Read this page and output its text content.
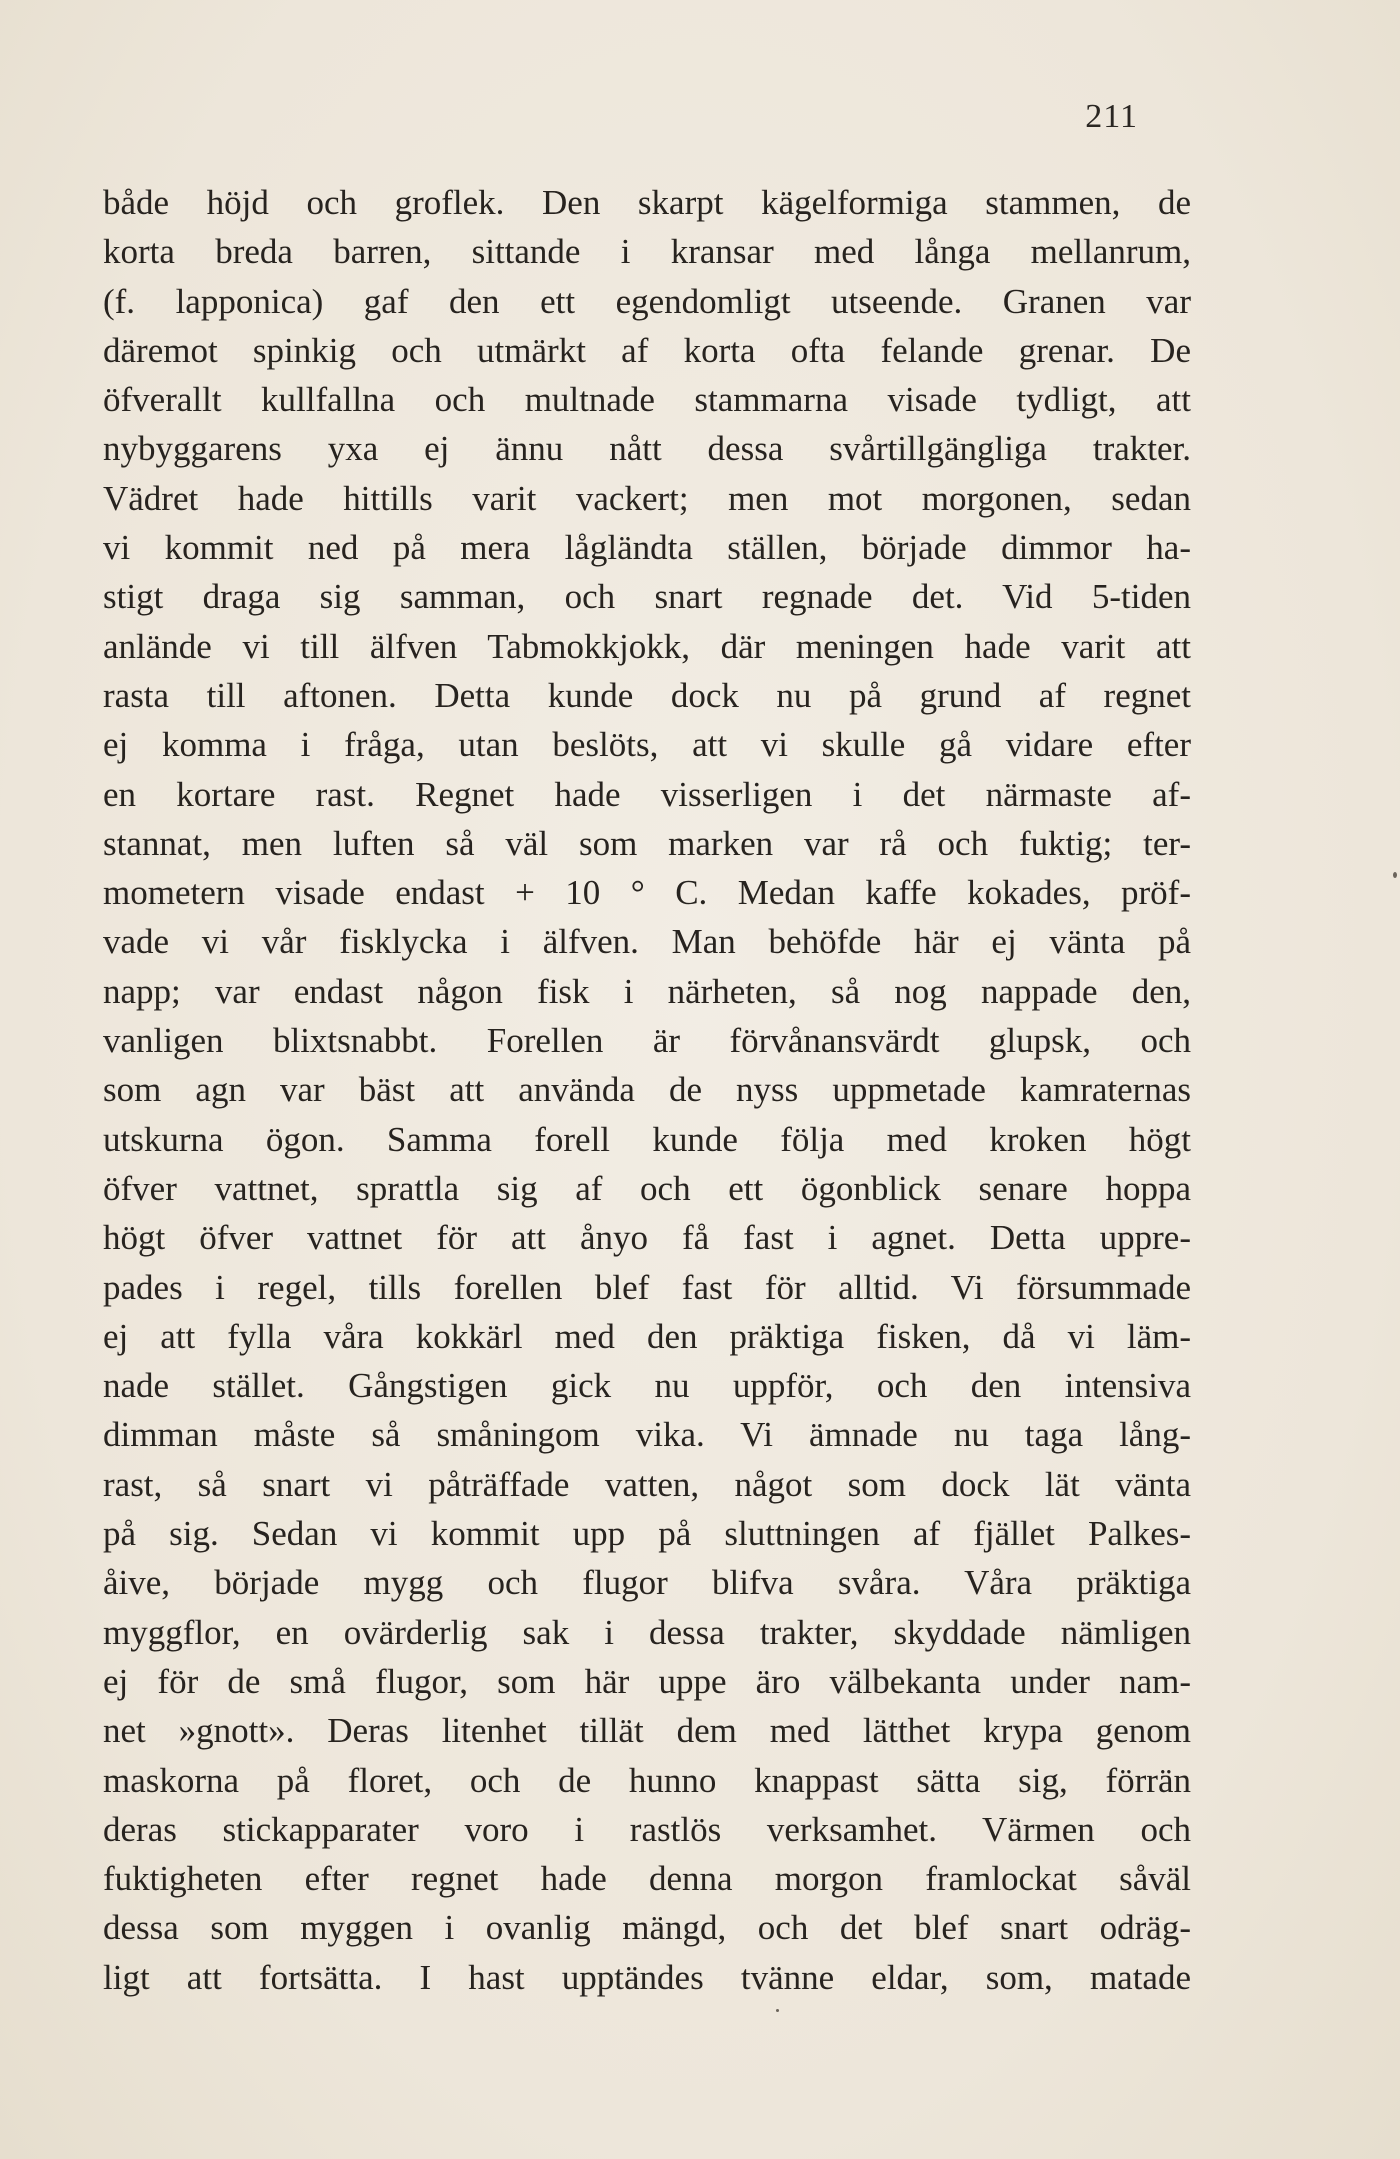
211
både höjd och groflek. Den skarpt kägelformiga stammen, de
korta breda barren, sittande i kransar med långa mellanrum,
(f. lapponica) gaf den ett egendomligt utseende. Granen var
däremot spinkig och utmärkt af korta ofta felande grenar. De
öfverallt kullfallna och multnade stammarna visade tydligt, att
nybyggarens yxa ej ännu nått dessa svårtillgängliga trakter.
Vädret hade hittills varit vackert; men mot morgonen, sedan
vi kommit ned på mera lågländta ställen, började dimmor ha-
stigt draga sig samman, och snart regnade det. Vid 5-tiden
anlände vi till älfven Tabmokkjokk, där meningen hade varit att
rasta till aftonen. Detta kunde dock nu på grund af regnet
ej komma i fråga, utan beslöts, att vi skulle gå vidare efter
en kortare rast. Regnet hade visserligen i det närmaste af-
stannat, men luften så väl som marken var rå och fuktig; ter-
mometern visade endast + 10 ° C. Medan kaffe kokades, pröf-
vade vi vår fisklycka i älfven. Man behöfde här ej vänta på
napp; var endast någon fisk i närheten, så nog nappade den,
vanligen blixtsnabbt. Forellen är förvånansvärdt glupsk, och
som agn var bäst att använda de nyss uppmetade kamraternas
utskurna ögon. Samma forell kunde följa med kroken högt
öfver vattnet, sprattla sig af och ett ögonblick senare hoppa
högt öfver vattnet för att ånyo få fast i agnet. Detta uppre-
pades i regel, tills forellen blef fast för alltid. Vi försummade
ej att fylla våra kokkärl med den präktiga fisken, då vi läm-
nade stället. Gångstigen gick nu uppför, och den intensiva
dimman måste så småningom vika. Vi ämnade nu taga lång-
rast, så snart vi påträffade vatten, något som dock lät vänta
på sig. Sedan vi kommit upp på sluttningen af fjället Palkes-
åive, började mygg och flugor blifva svåra. Våra präktiga
myggflor, en ovärderlig sak i dessa trakter, skyddade nämligen
ej för de små flugor, som här uppe äro välbekanta under nam-
net »gnott». Deras litenhet tillät dem med lätthet krypa genom
maskorna på floret, och de hunno knappast sätta sig, förrän
deras stickapparater voro i rastlös verksamhet. Värmen och
fuktigheten efter regnet hade denna morgon framlockat såväl
dessa som myggen i ovanlig mängd, och det blef snart odräg-
ligt att fortsätta. I hast upptändes tvänne eldar, som, matade
